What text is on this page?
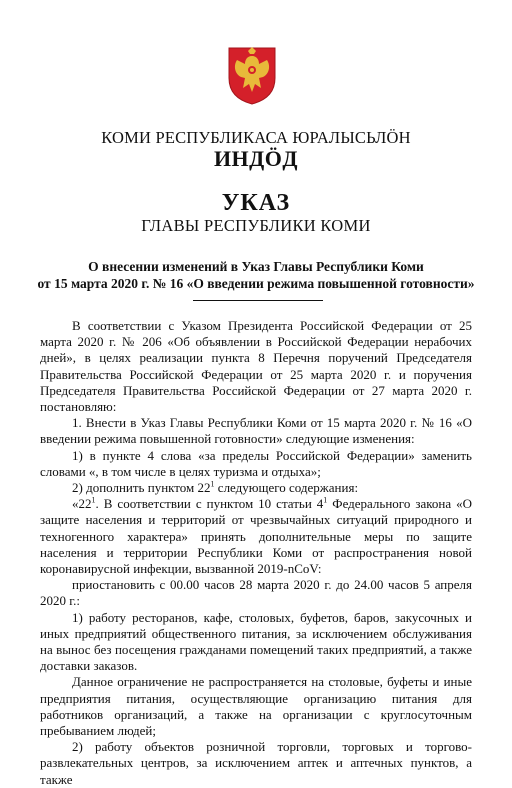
КОМИ РЕСПУБЛИКАСА ЮРАЛЫСЬЛӦН
ИНДӦД
УКАЗ
ГЛАВЫ РЕСПУБЛИКИ КОМИ
О внесении изменений в Указ Главы Республики Коми
от 15 марта 2020 г. № 16 «О введении режима повышенной готовности»

В соответствии с Указом Президента Российской Федерации от 25 марта 2020 г. № 206 «Об объявлении в Российской Федерации нерабочих дней», в целях реализации пункта 8 Перечня поручений Председателя Правительства Российской Федерации от 25 марта 2020 г. и поручения Председателя Правительства Российской Федерации от 27 марта 2020 г. постановляю:

1. Внести в Указ Главы Республики Коми от 15 марта 2020 г. № 16 «О введении режима повышенной готовности» следующие изменения:

1) в пункте 4 слова «за пределы Российской Федерации» заменить словами «, в том числе в целях туризма и отдыха»;

2) дополнить пунктом $22^1$ следующего содержания:

«$22^1$. В соответствии с пунктом 10 статьи $4^1$ Федерального закона «О защите населения и территорий от чрезвычайных ситуаций природного и техногенного характера» принять дополнительные меры по защите населения и территории Республики Коми от распространения новой коронавирусной инфекции, вызванной 2019-nCoV:

приостановить с 00.00 часов 28 марта 2020 г. до 24.00 часов 5 апреля 2020 г.:

1) работу ресторанов, кафе, столовых, буфетов, баров, закусочных и иных предприятий общественного питания, за исключением обслуживания на вынос без посещения гражданами помещений таких предприятий, а также доставки заказов.

Данное ограничение не распространяется на столовые, буфеты и иные предприятия питания, осуществляющие организацию питания для работников организаций, а также на организации с круглосуточным пребыванием людей;

2) работу объектов розничной торговли, торговых и торгово-развлекательных центров, за исключением аптек и аптечных пунктов, а также
